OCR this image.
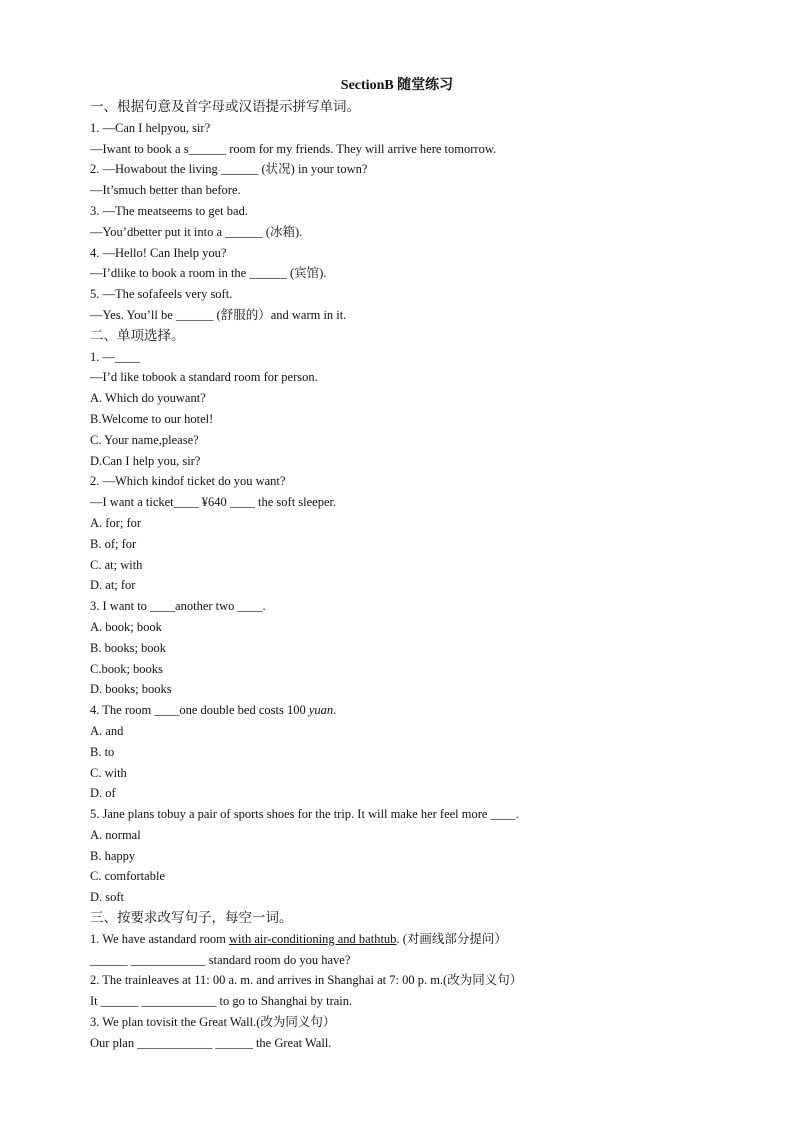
SectionB 随堂练习
一、根据句意及首字母或汉语提示拼写单词。
1. —Can I helpyou, sir?
—Iwant to book a s______ room for my friends. They will arrive here tomorrow.
2. —Howabout the living ______ (状况) in your town?
—It’smuch better than before.
3. —The meatseems to get bad.
—You’dbetter put it into a ______ (冰箱).
4. —Hello! Can Ihelp you?
—I’dlike to book a room in the ______ (宾馆).
5. —The sofafeels very soft.
—Yes. You’ll be ______ (舒服的）and warm in it.
二、单项选择。
1. —____
—I’d like tobook a standard room for person.
A. Which do youwant?
B.Welcome to our hotel!
C. Your name,please?
D.Can I help you, sir?
2. —Which kindof ticket do you want?
—I want a ticket____ ¥640 ____ the soft sleeper.
A. for; for
B. of; for
C. at; with
D. at; for
3. I want to ____another two ____.
A. book; book
B. books; book
C.book; books
D. books; books
4. The room ____one double bed costs 100 yuan.
A. and
B. to
C. with
D. of
5. Jane plans tobuy a pair of sports shoes for the trip. It will make her feel more ____.
A. normal
B. happy
C. comfortable
D. soft
三、按要求改写句子，每空一词。
1. We have astandard room with air-conditioning and bathtub. (对画线部分提问）
______ ____________ standard room do you have?
2. The trainleaves at 11: 00 a. m. and arrives in Shanghai at 7: 00 p. m.(改为同义句）
It ______ ____________ to go to Shanghai by train.
3. We plan tovisit the Great Wall.(改为同义句）
Our plan ____________ ______ the Great Wall.
